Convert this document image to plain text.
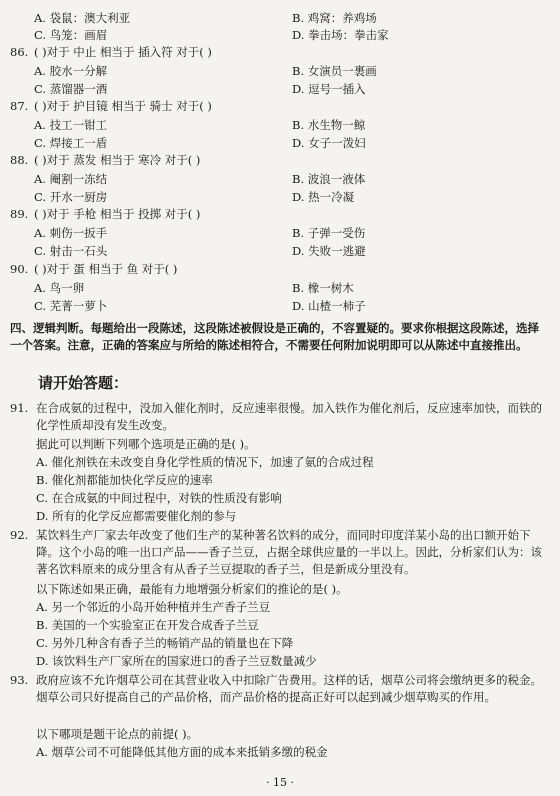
A. 袋鼠：澳大利亚	B. 鸡窝：养鸡场
C. 鸟笼：画眉	D. 拳击场：拳击家
86. ( )对于 中止 相当于 插入符 对于( )
A. 胶水一分解	B. 女演员一裹画
C. 蒸馏器一酒	D. 逗号一插入
87. ( )对于 护目镜 相当于 骑士 对于( )
A. 技工一钳工	B. 水生物一鲸
C. 焊接工一盾	D. 女子一泼妇
88. ( )对于 蒸发 相当于 寒冷 对于( )
A. 阉割一冻结	B. 波浪一液体
C. 开水一厨房	D. 热一冷凝
89. ( )对于 手枪 相当于 投掷 对于( )
A. 刺伤一扳手	B. 子弹一受伤
C. 射击一石头	D. 失败一逃避
90. ( )对于 蛋 相当于 鱼 对于( )
A. 鸟一卵	B. 橡一树木
C. 芜菁一萝卜	D. 山楂一柿子
四、逻辑判断。每题给出一段陈述，这段陈述被假设是正确的，不容置疑的。要求你根据这段陈述，选择一个答案。注意，正确的答案应与所给的陈述相符合，不需要任何附加说明即可以从陈述中直接推出。
请开始答题：
91. 在合成氨的过程中，没加入催化剂时，反应速率很慢。加入铁作为催化剂后，反应速率加快，而铁的化学性质却没有发生改变。
据此可以判断下列哪个选项是正确的是( )。
A. 催化剂铁在未改变自身化学性质的情况下，加速了氨的合成过程
B. 催化剂都能加快化学反应的速率
C. 在合成氨的中间过程中，对铁的性质没有影响
D. 所有的化学反应都需要催化剂的参与
92. 某饮料生产厂家去年改变了他们生产的某种著名饮料的成分，而同时印度洋某小岛的出口额开始下降。这个小岛的唯一出口产品——香子兰豆，占据全球供应量的一半以上。因此，分析家们认为：该著名饮料原来的成分里含有从香子兰豆提取的香子兰，但是新成分里没有。
以下陈述如果正确，最能有力地增强分析家们的推论的是( )。
A. 另一个邻近的小岛开始种植并生产香子兰豆
B. 美国的一个实验室正在开发合成香子兰豆
C. 另外几种含有香子兰的畅销产品的销量也在下降
D. 该饮料生产厂家所在的国家进口的香子兰豆数量减少
93. 政府应该不允许烟草公司在其营业收入中扣除广告费用。这样的话，烟草公司将会缴纳更多的税金。烟草公司只好提高自己的产品价格，而产品价格的提高正好可以起到减少烟草购买的作用。
以下哪项是题干论点的前提( )。
A. 烟草公司不可能降低其他方面的成本来抵销多缴的税金
· 15 ·
